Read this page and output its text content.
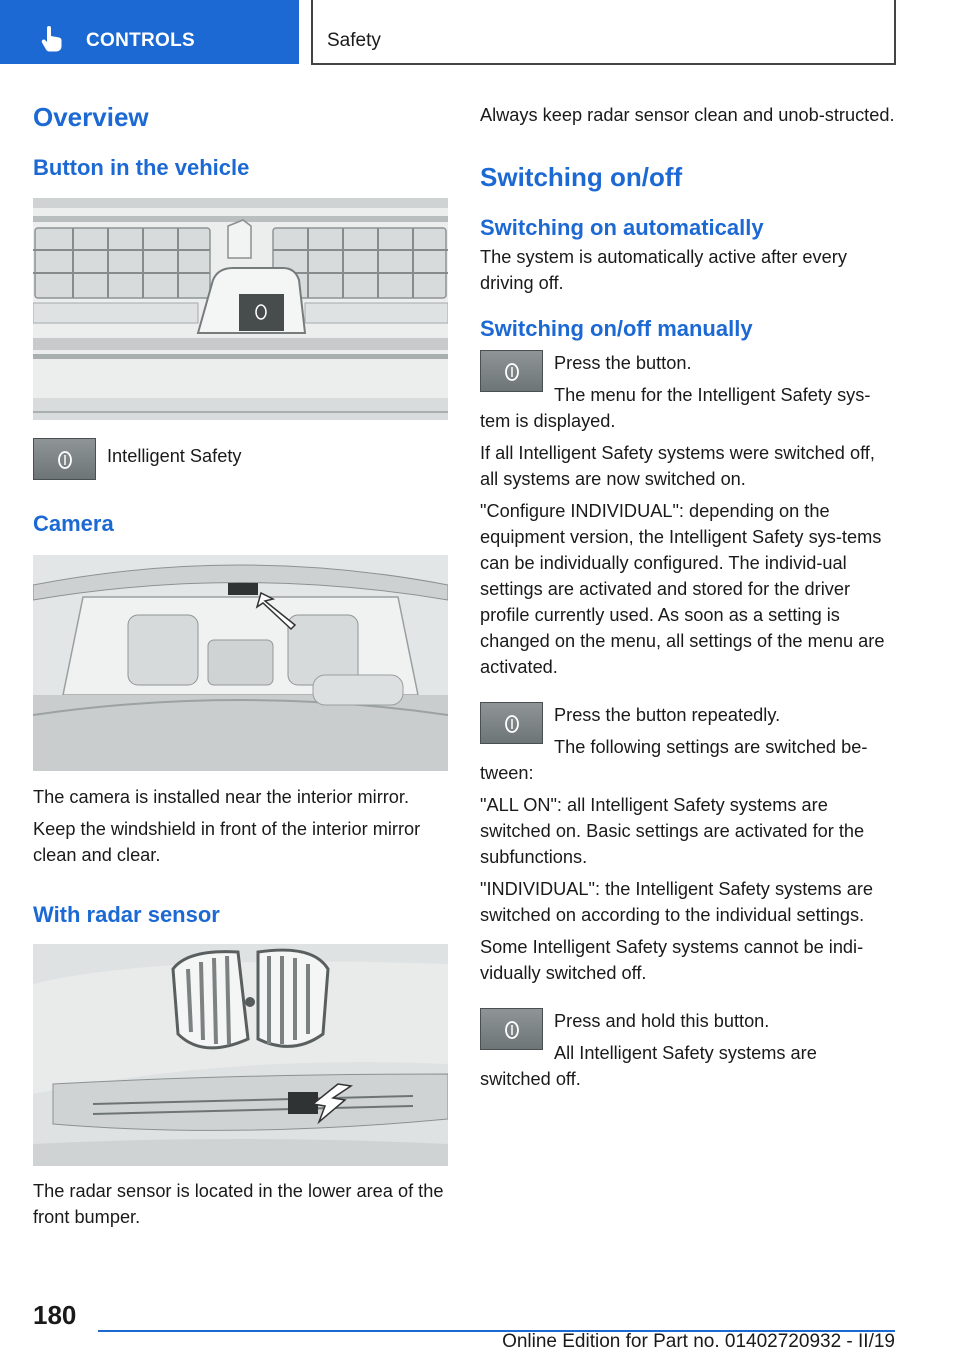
CONTROLS	Safety
Overview
Button in the vehicle

Intelligent Safety

Camera

The camera is installed near the interior mirror.

Keep the windshield in front of the interior mirror clean and clear.

With radar sensor

The radar sensor is located in the lower area of the front bumper.

Always keep radar sensor clean and unob‐structed.

Switching on/off
Switching on automatically

The system is automatically active after every driving off.

Switching on/off manually

Press the button.

The menu for the Intelligent Safety sys‐

tem is displayed.

If all Intelligent Safety systems were switched off, all systems are now switched on.

"Configure INDIVIDUAL": depending on the equipment version, the Intelligent Safety sys‐tems can be individually configured. The individ‐ual settings are activated and stored for the driver profile currently used. As soon as a setting is changed on the menu, all settings of the menu are activated.

Press the button repeatedly.

The following settings are switched be‐

tween:

"ALL ON": all Intelligent Safety systems are switched on. Basic settings are activated for the subfunctions.

"INDIVIDUAL": the Intelligent Safety systems are switched on according to the individual settings.

Some Intelligent Safety systems cannot be indi‐vidually switched off.

Press and hold this button.

All Intelligent Safety systems are

switched off.

180
Online Edition for Part no. 01402720932 - II/19
